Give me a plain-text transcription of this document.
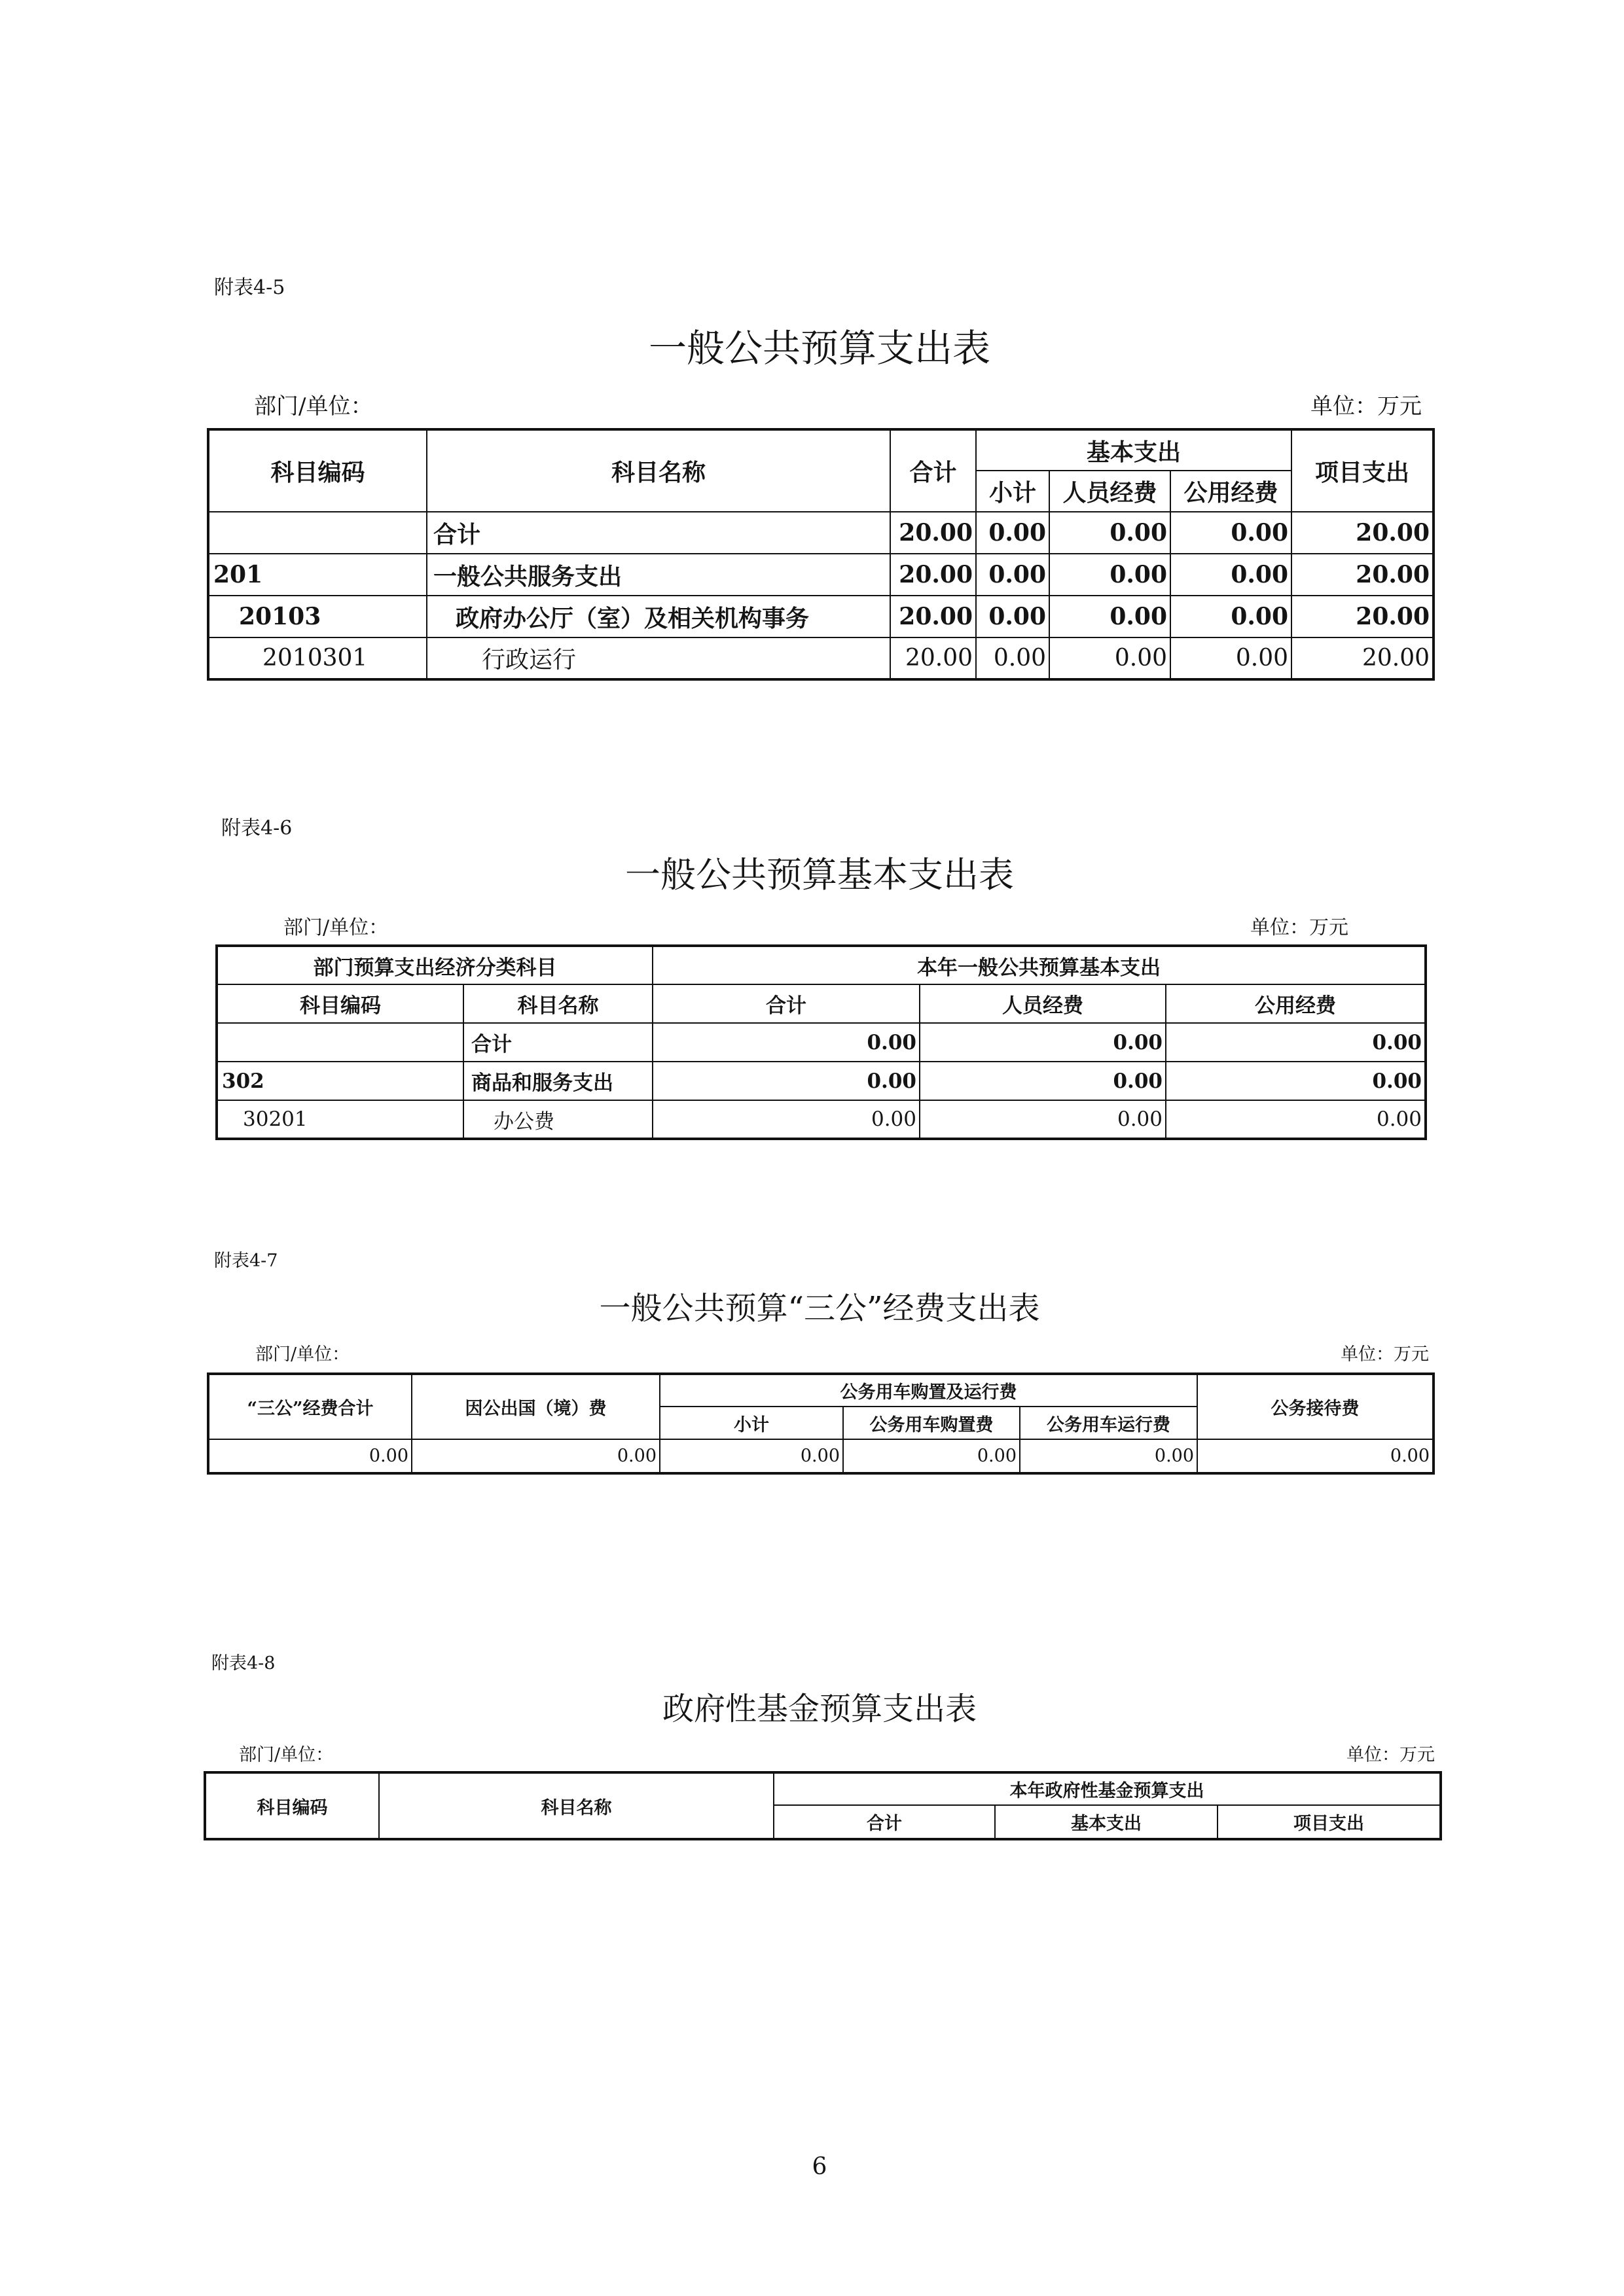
附表4-5
一般公共预算支出表
部门/单位：	单位：万元
科目编码	科目名称	合计	基本支出			项目支出
			小计	人员经费	公用经费	
	合计	20.00	0.00	0.00	0.00	20.00
201	一般公共服务支出	20.00	0.00	0.00	0.00	20.00
20103	政府办公厅（室）及相关机构事务	20.00	0.00	0.00	0.00	20.00
2010301	行政运行	20.00	0.00	0.00	0.00	20.00
附表4-6
一般公共预算基本支出表
部门/单位：	单位：万元
部门预算支出经济分类科目		本年一般公共预算基本支出		
科目编码	科目名称	合计	人员经费	公用经费
	合计	0.00	0.00	0.00
302	商品和服务支出	0.00	0.00	0.00
30201	办公费	0.00	0.00	0.00
附表4-7
一般公共预算“三公”经费支出表
部门/单位：	单位：万元
“三公”经费合计	因公出国（境）费	公务用车购置及运行费			公务接待费
		小计	公务用车购置费	公务用车运行费	
0.00	0.00	0.00	0.00	0.00	0.00
附表4-8
政府性基金预算支出表
部门/单位：	单位：万元
科目编码	科目名称	本年政府性基金预算支出		
		合计	基本支出	项目支出
6
